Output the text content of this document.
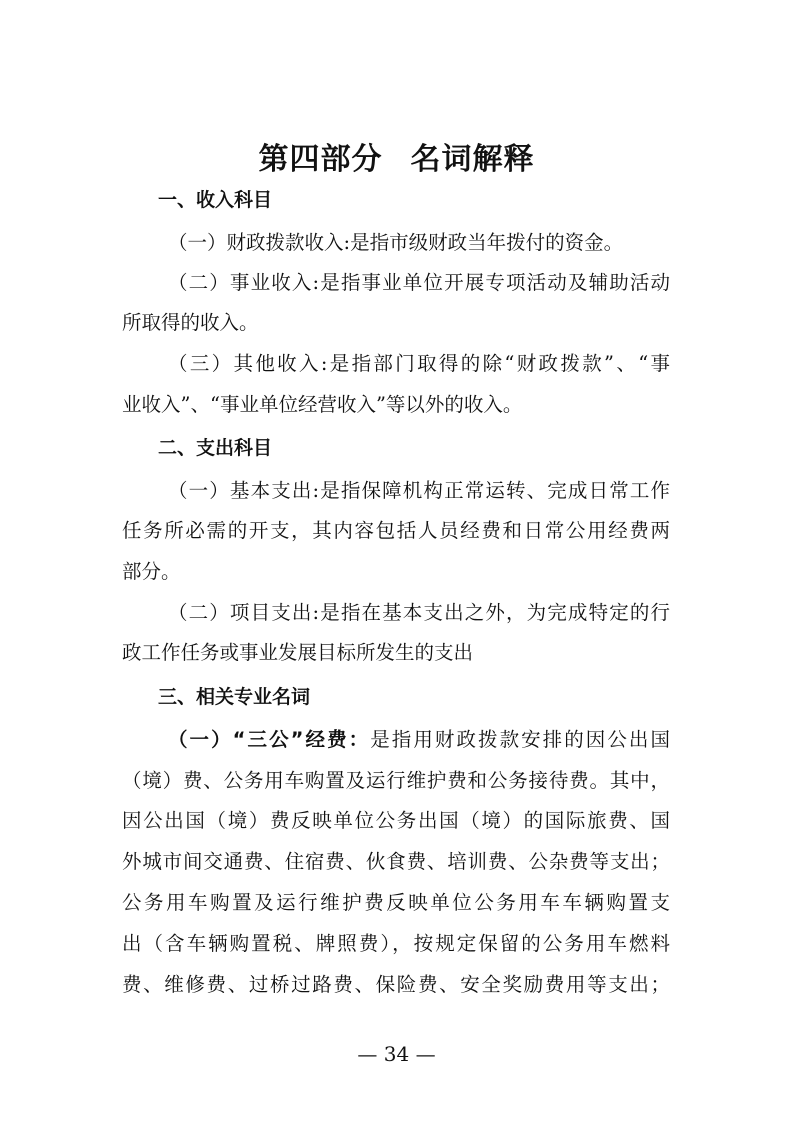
第四部分 名词解释
一、收入科目
（一）财政拨款收入:是指市级财政当年拨付的资金。
（二）事业收入:是指事业单位开展专项活动及辅助活动
所取得的收入。
（三）其他收入:是指部门取得的除“财政拨款”、“事
业收入”、“事业单位经营收入”等以外的收入。
二、支出科目
（一）基本支出:是指保障机构正常运转、完成日常工作
任务所必需的开支，其内容包括人员经费和日常公用经费两
部分。
（二）项目支出:是指在基本支出之外，为完成特定的行
政工作任务或事业发展目标所发生的支出
三、相关专业名词
（一）“三公”经费：是指用财政拨款安排的因公出国
（境）费、公务用车购置及运行维护费和公务接待费。其中，
因公出国（境）费反映单位公务出国（境）的国际旅费、国
外城市间交通费、住宿费、伙食费、培训费、公杂费等支出；
公务用车购置及运行维护费反映单位公务用车车辆购置支
出（含车辆购置税、牌照费），按规定保留的公务用车燃料
费、维修费、过桥过路费、保险费、安全奖励费用等支出；
— 34 —
